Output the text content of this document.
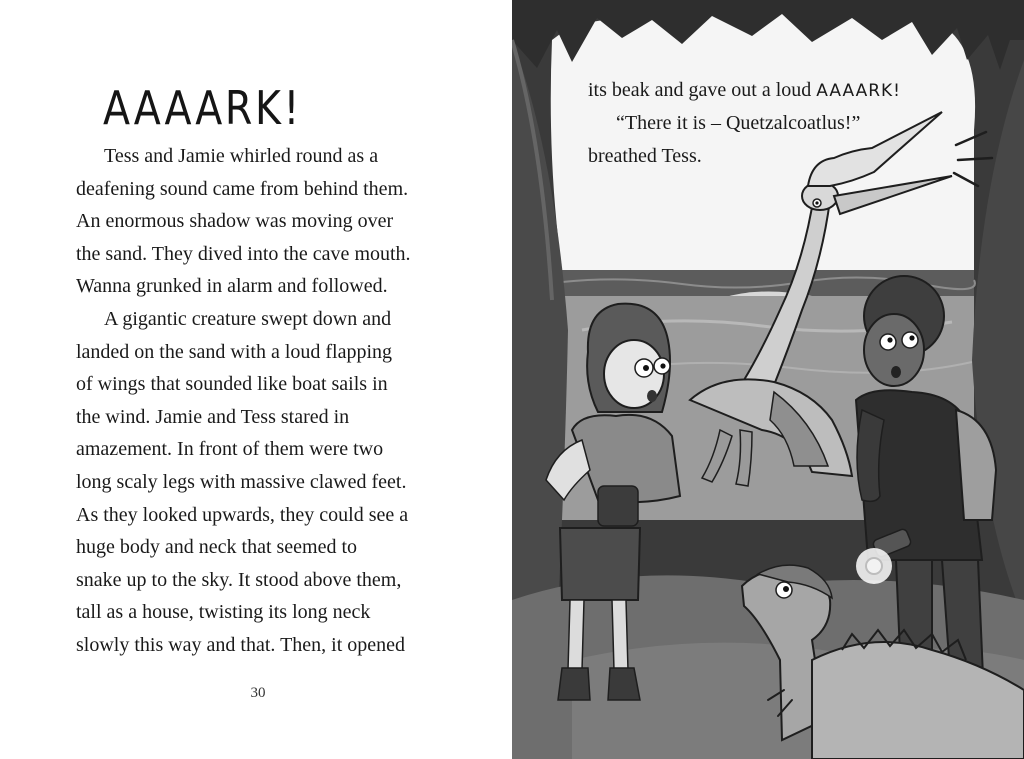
AAAARK!
Tess and Jamie whirled round as a
deafening sound came from behind them.
An enormous shadow was moving over
the sand. They dived into the cave mouth.
Wanna grunked in alarm and followed.
A gigantic creature swept down and
landed on the sand with a loud flapping
of wings that sounded like boat sails in
the wind. Jamie and Tess stared in
amazement. In front of them were two
long scaly legs with massive clawed feet.
As they looked upwards, they could see a
huge body and neck that seemed to
snake up to the sky. It stood above them,
tall as a house, twisting its long neck
slowly this way and that. Then, it opened
30
its beak and gave out a loud AAAARK!
“There it is – Quetzalcoatlus!”
breathed Tess.
